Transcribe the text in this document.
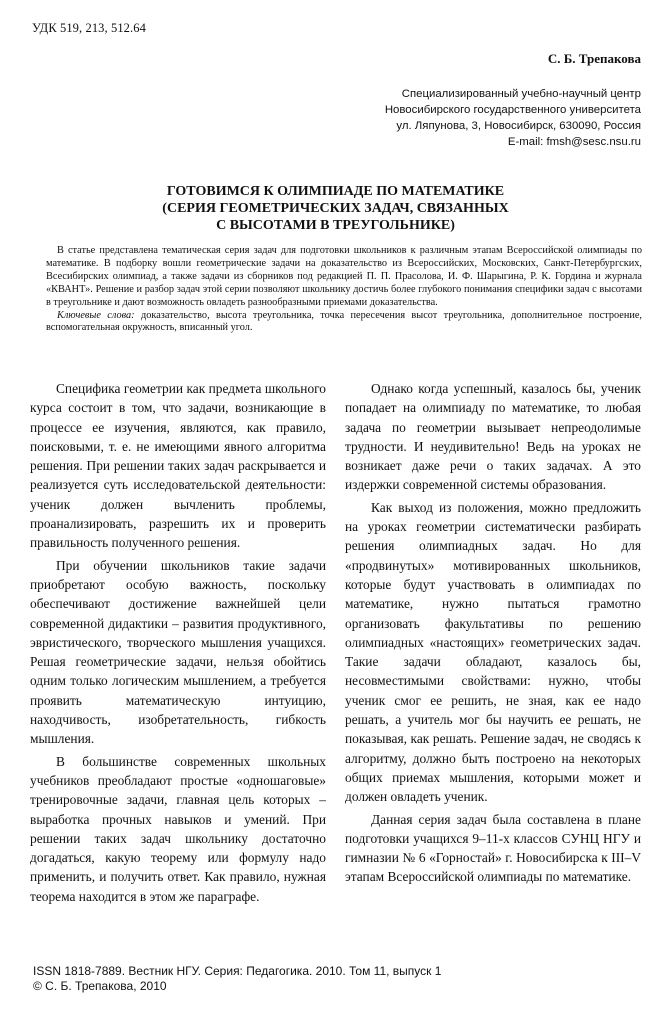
УДК 519, 213, 512.64
С. Б. Трепакова
Специализированный учебно-научный центр
Новосибирского государственного университета
ул. Ляпунова, 3, Новосибирск, 630090, Россия
E-mail: fmsh@sesc.nsu.ru
ГОТОВИМСЯ К ОЛИМПИАДЕ ПО МАТЕМАТИКЕ
(СЕРИЯ ГЕОМЕТРИЧЕСКИХ ЗАДАЧ, СВЯЗАННЫХ
С ВЫСОТАМИ В ТРЕУГОЛЬНИКЕ)

В статье представлена тематическая серия задач для подготовки школьников к различным этапам Всероссийской олимпиады по математике. В подборку вошли геометрические задачи на доказательство из Всероссийских, Московских, Санкт-Петербургских, Всесибирских олимпиад, а также задачи из сборников под редакцией П. П. Прасолова, И. Ф. Шарыгина, Р. К. Гордина и журнала «КВАНТ». Решение и разбор задач этой серии позволяют школьнику достичь более глубокого понимания специфики задач с высотами в треугольнике и дают возможность овладеть разнообразными приемами доказательства.

Ключевые слова: доказательство, высота треугольника, точка пересечения высот треугольника, дополнительное построение, вспомогательная окружность, вписанный угол.

Специфика геометрии как предмета школьного курса состоит в том, что задачи, возникающие в процессе ее изучения, являются, как правило, поисковыми, т. е. не имеющими явного алгоритма решения. При решении таких задач раскрывается и реализуется суть исследовательской деятельности: ученик должен вычленить проблемы, проанализировать, разрешить их и проверить правильность полученного решения.

При обучении школьников такие задачи приобретают особую важность, поскольку обеспечивают достижение важнейшей цели современной дидактики – развития продуктивного, эвристического, творческого мышления учащихся. Решая геометрические задачи, нельзя обойтись одним только логическим мышлением, а требуется проявить математическую интуицию, находчивость, изобретательность, гибкость мышления.

В большинстве современных школьных учебников преобладают простые «одношаговые» тренировочные задачи, главная цель которых – выработка прочных навыков и умений. При решении таких задач школьнику достаточно догадаться, какую теорему или формулу надо применить, и получить ответ. Как правило, нужная теорема находится в этом же параграфе.

Однако когда успешный, казалось бы, ученик попадает на олимпиаду по математике, то любая задача по геометрии вызывает непреодолимые трудности. И неудивительно! Ведь на уроках не возникает даже речи о таких задачах. А это издержки современной системы образования.

Как выход из положения, можно предложить на уроках геометрии систематически разбирать решения олимпиадных задач. Но для «продвинутых» мотивированных школьников, которые будут участвовать в олимпиадах по математике, нужно пытаться грамотно организовать факультативы по решению олимпиадных «настоящих» геометрических задач. Такие задачи обладают, казалось бы, несовместимыми свойствами: нужно, чтобы ученик смог ее решить, не зная, как ее надо решать, а учитель мог бы научить ее решать, не показывая, как решать. Решение задач, не сводясь к алгоритму, должно быть построено на некоторых общих приемах мышления, которыми может и должен овладеть ученик.

Данная серия задач была составлена в плане подготовки учащихся 9–11-х классов СУНЦ НГУ и гимназии № 6 «Горностай» г. Новосибирска к III–V этапам Всероссийской олимпиады по математике.

ISSN 1818-7889. Вестник НГУ. Серия: Педагогика. 2010. Том 11, выпуск 1
© С. Б. Трепакова, 2010
